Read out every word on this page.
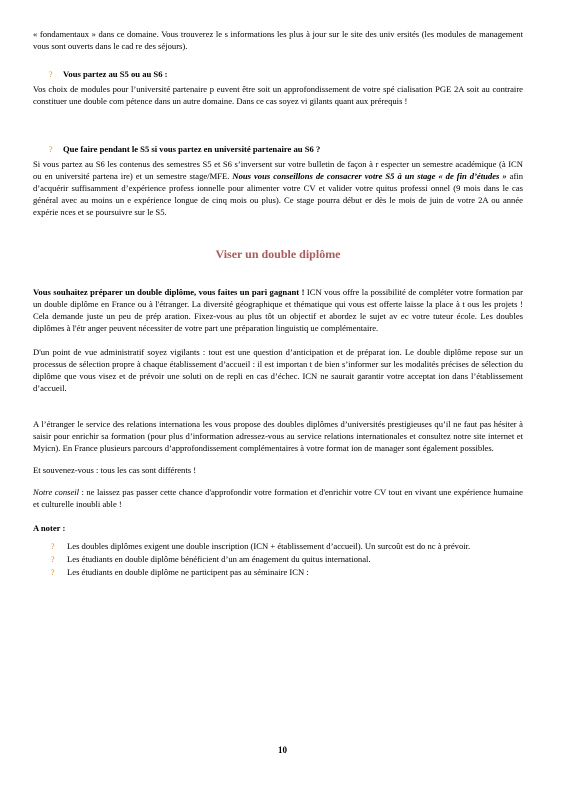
« fondamentaux » dans ce domaine. Vous trouverez le s informations les plus à jour sur le site des univ ersités (les modules de management vous sont ouverts dans le cad re des séjours).

?	Vous partez au S5 ou au S6 :

Vos choix de modules pour l’université partenaire p euvent être soit un approfondissement de votre spé cialisation PGE 2A soit au contraire constituer une double com pétence dans un autre domaine. Dans ce cas soyez vi gilants quant aux prérequis !

?	Que faire pendant le S5 si vous partez en université partenaire au S6 ?

Si vous partez au S6 les contenus des semestres S5 et S6 s’inversent sur votre bulletin de façon à r especter un semestre académique (à ICN ou en université partena ire) et un semestre stage/MFE. Nous vous conseillons de consacrer votre S5 à un stage « de fin d’études » afin d’acquérir suffisamment d’expérience profess ionnelle pour alimenter votre CV et valider votre quitus professi onnel (9 mois dans le cas général avec au moins un e expérience longue de cinq mois ou plus). Ce stage pourra début er dès le mois de juin de votre 2A ou année expérie nces et se poursuivre sur le S5.

Viser un double diplôme

Vous souhaitez préparer un double diplôme, vous faites un pari gagnant ! ICN vous offre la possibilité de compléter votre formation par un double diplôme en France ou à l'étranger. La diversité géographique et thématique qui vous est offerte laisse la place à t ous les projets ! Cela demande juste un peu de prép aration. Fixez-vous au plus tôt un objectif et abordez le sujet av ec votre tuteur école. Les doubles diplômes à l'étr anger peuvent nécessiter de votre part une préparation linguistiq ue complémentaire.

D'un point de vue administratif soyez vigilants : tout est une question d’anticipation et de préparat ion. Le double diplôme repose sur un processus de sélection propre à chaque établissement d’accueil : il est importan t de bien s’informer sur les modalités précises de sélection du diplôme que vous visez et de prévoir une soluti on de repli en cas d’échec. ICN ne saurait garantir votre acceptat ion dans l’établissement d’accueil.

A l’étranger le service des relations internationa les vous propose des doubles diplômes d’universités prestigieuses qu’il ne faut pas hésiter à saisir pour enrichir sa formation (pour plus d’information adressez-vous au service relations internationales et consultez notre site internet et Myicn). En France plusieurs parcours d’approfondissement complémentaires à votre format ion de manager sont également possibles.

Et souvenez-vous : tous les cas sont différents !

Notre conseil : ne laissez pas passer cette chance d'approfondir votre formation et d'enrichir votre CV tout en vivant une expérience humaine et culturelle inoubli able !

A noter :

?	Les doubles diplômes exigent une double inscription (ICN + établissement d’accueil). Un surcoût est do nc à prévoir.
?	Les étudiants en double diplôme bénéficient d’un am énagement du quitus international.
?	Les étudiants en double diplôme ne participent pas au séminaire ICN :
10
